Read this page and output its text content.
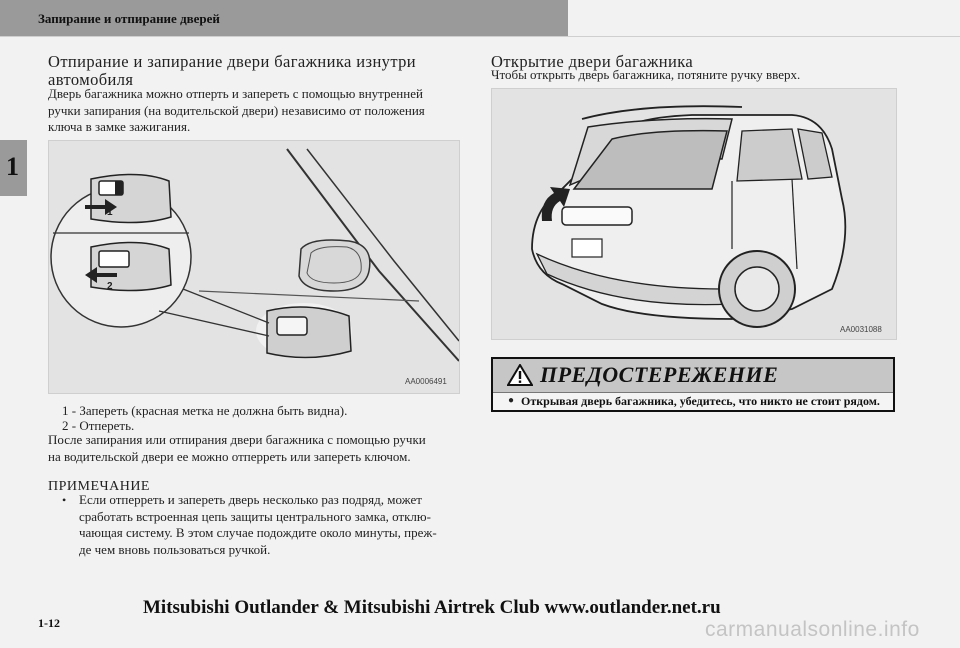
Запирание и отпирание дверей
1
Отпирание и запирание двери багажника изнутри
автомобиля
Дверь багажника можно отперть и запереть с помощью внутренней
ручки запирания (на водительской двери) независимо от положения
ключа в замке зажигания.
1
2
AA0006491
1 - Запереть (красная метка не должна быть видна).
2 - Отпереть.
После запирания или отпирания двери багажника с помощью ручки
на водительской двери ее можно отперреть или запереть ключом.
ПРИМЕЧАНИЕ
• Если отперреть и запереть дверь несколько раз подряд, может
сработать встроенная цепь защиты центрального замка, отклю-
чающая систему. В этом случае подождите около минуты, преж-
де чем вновь пользоваться ручкой.
Открытие двери багажника
Чтобы открыть дверь багажника, потяните ручку вверх.
AA0031088
ПРЕДОСТЕРЕЖЕНИЕ
● Открывая дверь багажника, убедитесь, что никто не стоит рядом.
Mitsubishi Outlander & Mitsubishi Airtrek Club www.outlander.net.ru
1-12	carmanualsonline.info
